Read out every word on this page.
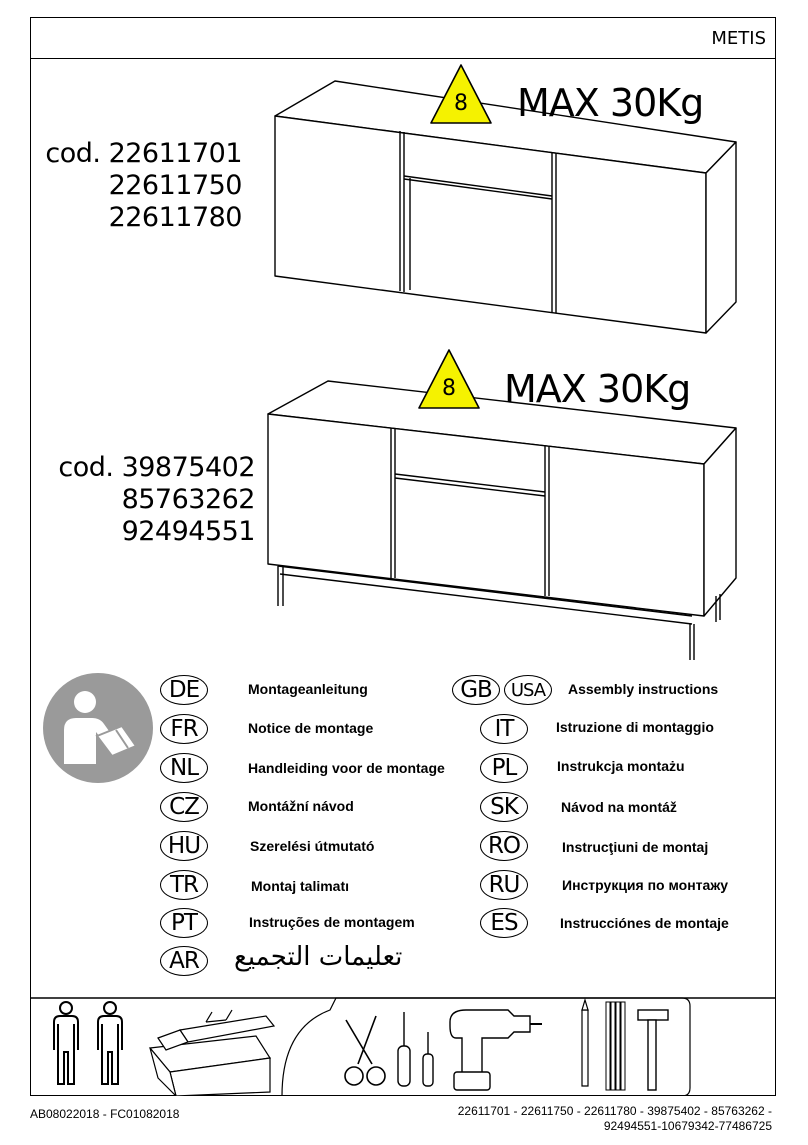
METIS
8	MAX 30Kg
cod. 22611701
22611750
22611780
8	MAX 30Kg
cod. 39875402
85763262
92494551
DE	Montageanleitung
FR	Notice de montage
NL	Handleiding voor de montage
CZ	Montážní návod
HU	Szerelési útmutató
TR	Montaj talimatı
PT	Instruções de montagem
AR	تعليمات التجميع
GB	USA	Assembly instructions
IT	Istruzione di montaggio
PL	Instrukcja montażu
SK	Návod na montáž
RO	Instrucţiuni de montaj
RU	Инструкция по монтажу
ES	Instrucciónes de montaje
AB08022018 - FC01082018	22611701 - 22611750 - 22611780 - 39875402 - 85763262 -
92494551-10679342-77486725
